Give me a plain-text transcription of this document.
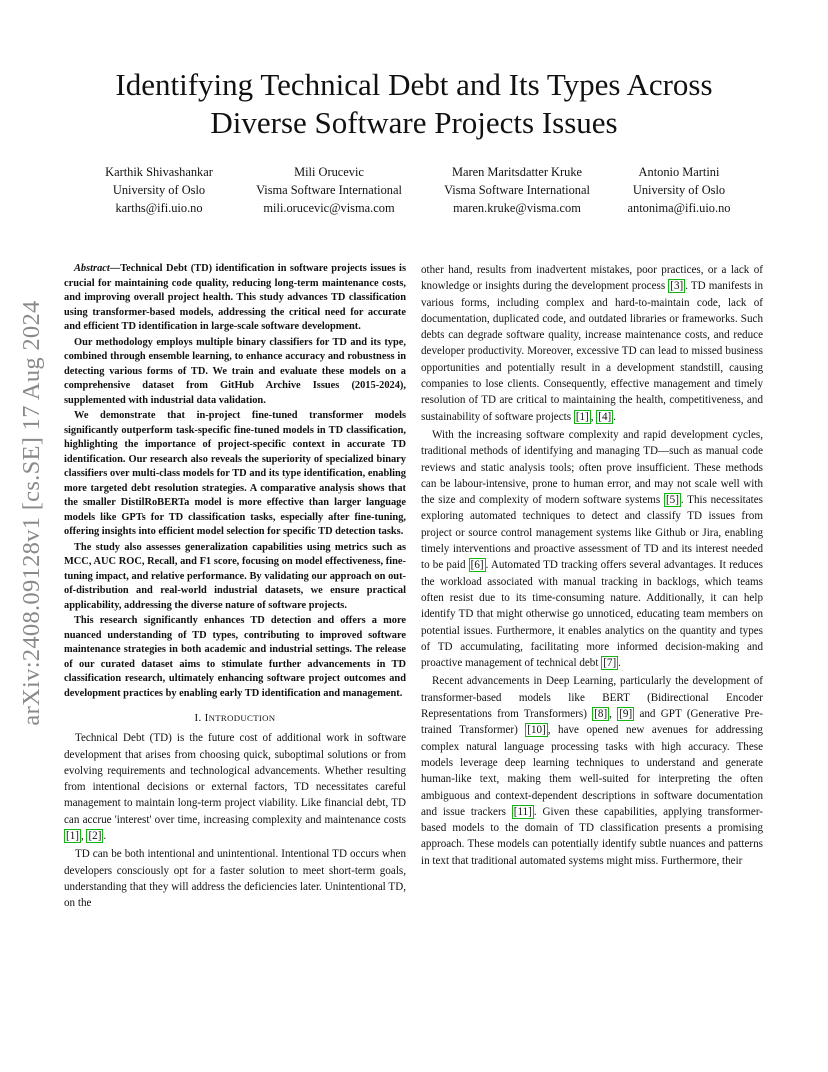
Identifying Technical Debt and Its Types Across
Diverse Software Projects Issues
Karthik Shivashankar
University of Oslo
karths@ifi.uio.no
Mili Orucevic
Visma Software International
mili.orucevic@visma.com
Maren Maritsdatter Kruke
Visma Software International
maren.kruke@visma.com
Antonio Martini
University of Oslo
antonima@ifi.uio.no
arXiv:2408.09128v1 [cs.SE] 17 Aug 2024

Abstract—Technical Debt (TD) identification in software projects issues is crucial for maintaining code quality, reducing long-term maintenance costs, and improving overall project health. This study advances TD classification using transformer-based models, addressing the critical need for accurate and efficient TD identification in large-scale software development.

Our methodology employs multiple binary classifiers for TD and its type, combined through ensemble learning, to enhance accuracy and robustness in detecting various forms of TD. We train and evaluate these models on a comprehensive dataset from GitHub Archive Issues (2015-2024), supplemented with industrial data validation.

We demonstrate that in-project fine-tuned transformer models significantly outperform task-specific fine-tuned models in TD classification, highlighting the importance of project-specific context in accurate TD identification. Our research also reveals the superiority of specialized binary classifiers over multi-class models for TD and its type identification, enabling more targeted debt resolution strategies. A comparative analysis shows that the smaller DistilRoBERTa model is more effective than larger language models like GPTs for TD classification tasks, especially after fine-tuning, offering insights into efficient model selection for specific TD detection tasks.

The study also assesses generalization capabilities using metrics such as MCC, AUC ROC, Recall, and F1 score, focusing on model effectiveness, fine-tuning impact, and relative performance. By validating our approach on out-of-distribution and real-world industrial datasets, we ensure practical applicability, addressing the diverse nature of software projects.

This research significantly enhances TD detection and offers a more nuanced understanding of TD types, contributing to improved software maintenance strategies in both academic and industrial settings. The release of our curated dataset aims to stimulate further advancements in TD classification research, ultimately enhancing software project outcomes and development practices by enabling early TD identification and management.

I. INTRODUCTION

Technical Debt (TD) is the future cost of additional work in software development that arises from choosing quick, suboptimal solutions or from evolving requirements and technological advancements. Whether resulting from intentional decisions or external factors, TD necessitates careful management to maintain long-term project viability. Like financial debt, TD can accrue 'interest' over time, increasing complexity and maintenance costs [1] , [2] .

TD can be both intentional and unintentional. Intentional TD occurs when developers consciously opt for a faster solution to meet short-term goals, understanding that they will address the deficiencies later. Unintentional TD, on the

other hand, results from inadvertent mistakes, poor practices, or a lack of knowledge or insights during the development process [3] . TD manifests in various forms, including complex and hard-to-maintain code, lack of documentation, duplicated code, and outdated libraries or frameworks. Such debts can degrade software quality, increase maintenance costs, and reduce developer productivity. Moreover, excessive TD can lead to missed business opportunities and potentially result in a development standstill, causing companies to lose clients. Consequently, effective management and timely resolution of TD are critical to maintaining the health, competitiveness, and sustainability of software projects [1] , [4] .

With the increasing software complexity and rapid development cycles, traditional methods of identifying and managing TD—such as manual code reviews and static analysis tools; often prove insufficient. These methods can be labour-intensive, prone to human error, and may not scale well with the size and complexity of modern software systems [5] . This necessitates exploring automated techniques to detect and classify TD issues from project or source control management systems like Github or Jira, enabling timely interventions and proactive assessment of TD and its interest needed to be paid [6] . Automated TD tracking offers several advantages. It reduces the workload associated with manual tracking in backlogs, which teams often resist due to its time-consuming nature. Additionally, it can help identify TD that might otherwise go unnoticed, educating team members on potential issues. Furthermore, it enables analytics on the quantity and types of TD accumulating, facilitating more informed decision-making and proactive management of technical debt [7] .

Recent advancements in Deep Learning, particularly the development of transformer-based models like BERT (Bidirectional Encoder Representations from Transformers) [8] , [9] and GPT (Generative Pre-trained Transformer) [10] , have opened new avenues for addressing complex natural language processing tasks with high accuracy. These models leverage deep learning techniques to understand and generate human-like text, making them well-suited for interpreting the often ambiguous and context-dependent descriptions in software documentation and issue trackers [11] . Given these capabilities, applying transformer-based models to the domain of TD classification presents a promising approach. These models can potentially identify subtle nuances and patterns in text that traditional automated systems might miss. Furthermore, their
